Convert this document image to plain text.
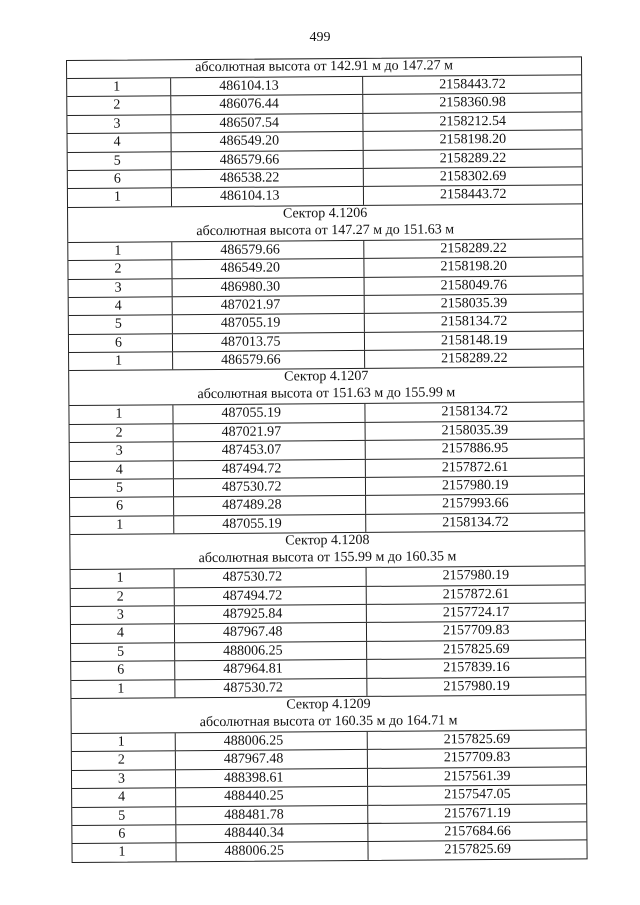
499
абсолютная высота от 142.91 м до 147.27 м
1	486104.13	2158443.72
2	486076.44	2158360.98
3	486507.54	2158212.54
4	486549.20	2158198.20
5	486579.66	2158289.22
6	486538.22	2158302.69
1	486104.13	2158443.72
Сектор 4.1206
абсолютная высота от 147.27 м до 151.63 м
1	486579.66	2158289.22
2	486549.20	2158198.20
3	486980.30	2158049.76
4	487021.97	2158035.39
5	487055.19	2158134.72
6	487013.75	2158148.19
1	486579.66	2158289.22
Сектор 4.1207
абсолютная высота от 151.63 м до 155.99 м
1	487055.19	2158134.72
2	487021.97	2158035.39
3	487453.07	2157886.95
4	487494.72	2157872.61
5	487530.72	2157980.19
6	487489.28	2157993.66
1	487055.19	2158134.72
Сектор 4.1208
абсолютная высота от 155.99 м до 160.35 м
1	487530.72	2157980.19
2	487494.72	2157872.61
3	487925.84	2157724.17
4	487967.48	2157709.83
5	488006.25	2157825.69
6	487964.81	2157839.16
1	487530.72	2157980.19
Сектор 4.1209
абсолютная высота от 160.35 м до 164.71 м
1	488006.25	2157825.69
2	487967.48	2157709.83
3	488398.61	2157561.39
4	488440.25	2157547.05
5	488481.78	2157671.19
6	488440.34	2157684.66
1	488006.25	2157825.69
